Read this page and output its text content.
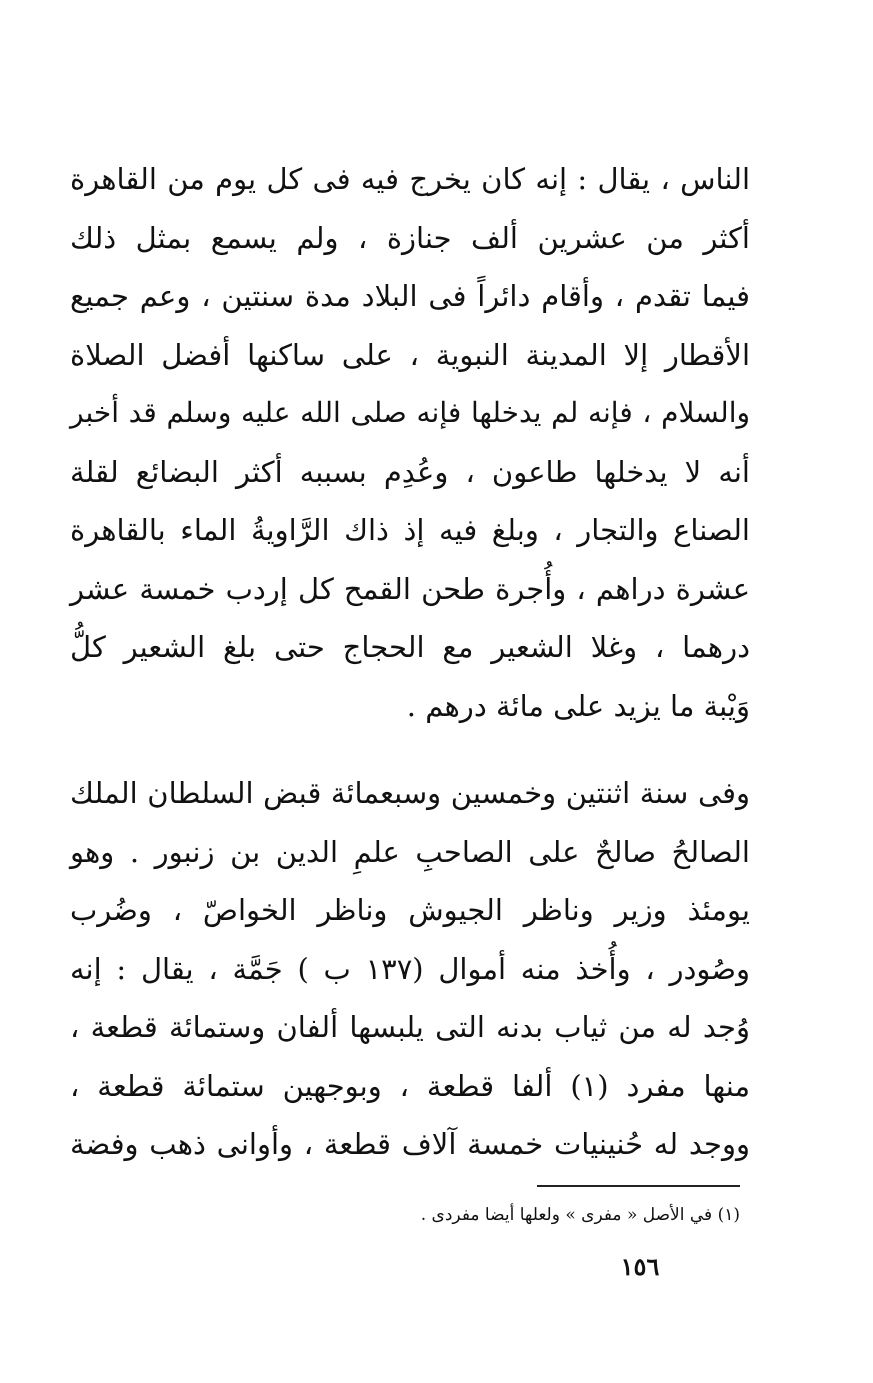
الناس ، يقال : إنه كان يخرج فيه فى كل يوم من القاهرة
أكثر من عشرين ألف جنازة ، ولم يسمع بمثل ذلك
فيما تقدم ، وأقام دائراً فى البلاد مدة سنتين ، وعم جميع
الأقطار إلا المدينة النبوية ، على ساكنها أفضل الصلاة
والسلام ، فإنه لم يدخلها فإنه صلى الله عليه وسلم قد أخبر
أنه لا يدخلها طاعون ، وعُدِم بسببه أكثر البضائع لقلة
الصناع والتجار ، وبلغ فيه إذ ذاك الرَّاويةُ الماء بالقاهرة
عشرة دراهم ، وأُجرة طحن القمح كل إردب خمسة عشر
درهما ، وغلا الشعير مع الحجاج حتى بلغ الشعير كلُّ
وَيْبة ما يزيد على مائة درهم .
وفى سنة اثنتين وخمسين وسبعمائة قبض السلطان الملك
الصالحُ صالحٌ على الصاحبِ علمِ الدين بن زنبور . وهو
يومئذ وزير وناظر الجيوش وناظر الخواصّ ، وضُرب
وصُودر ، وأُخذ منه أموال (١٣٧ ب ) جَمَّة ، يقال : إنه
وُجد له من ثياب بدنه التى يلبسها ألفان وستمائة قطعة ،
منها مفرد (١) ألفا قطعة ، وبوجهين ستمائة قطعة ،
ووجد له حُنينيات خمسة آلاف قطعة ، وأوانى ذهب وفضة
(١) في الأصل « مفرى » ولعلها أيضا مفردى .
١٥٦
